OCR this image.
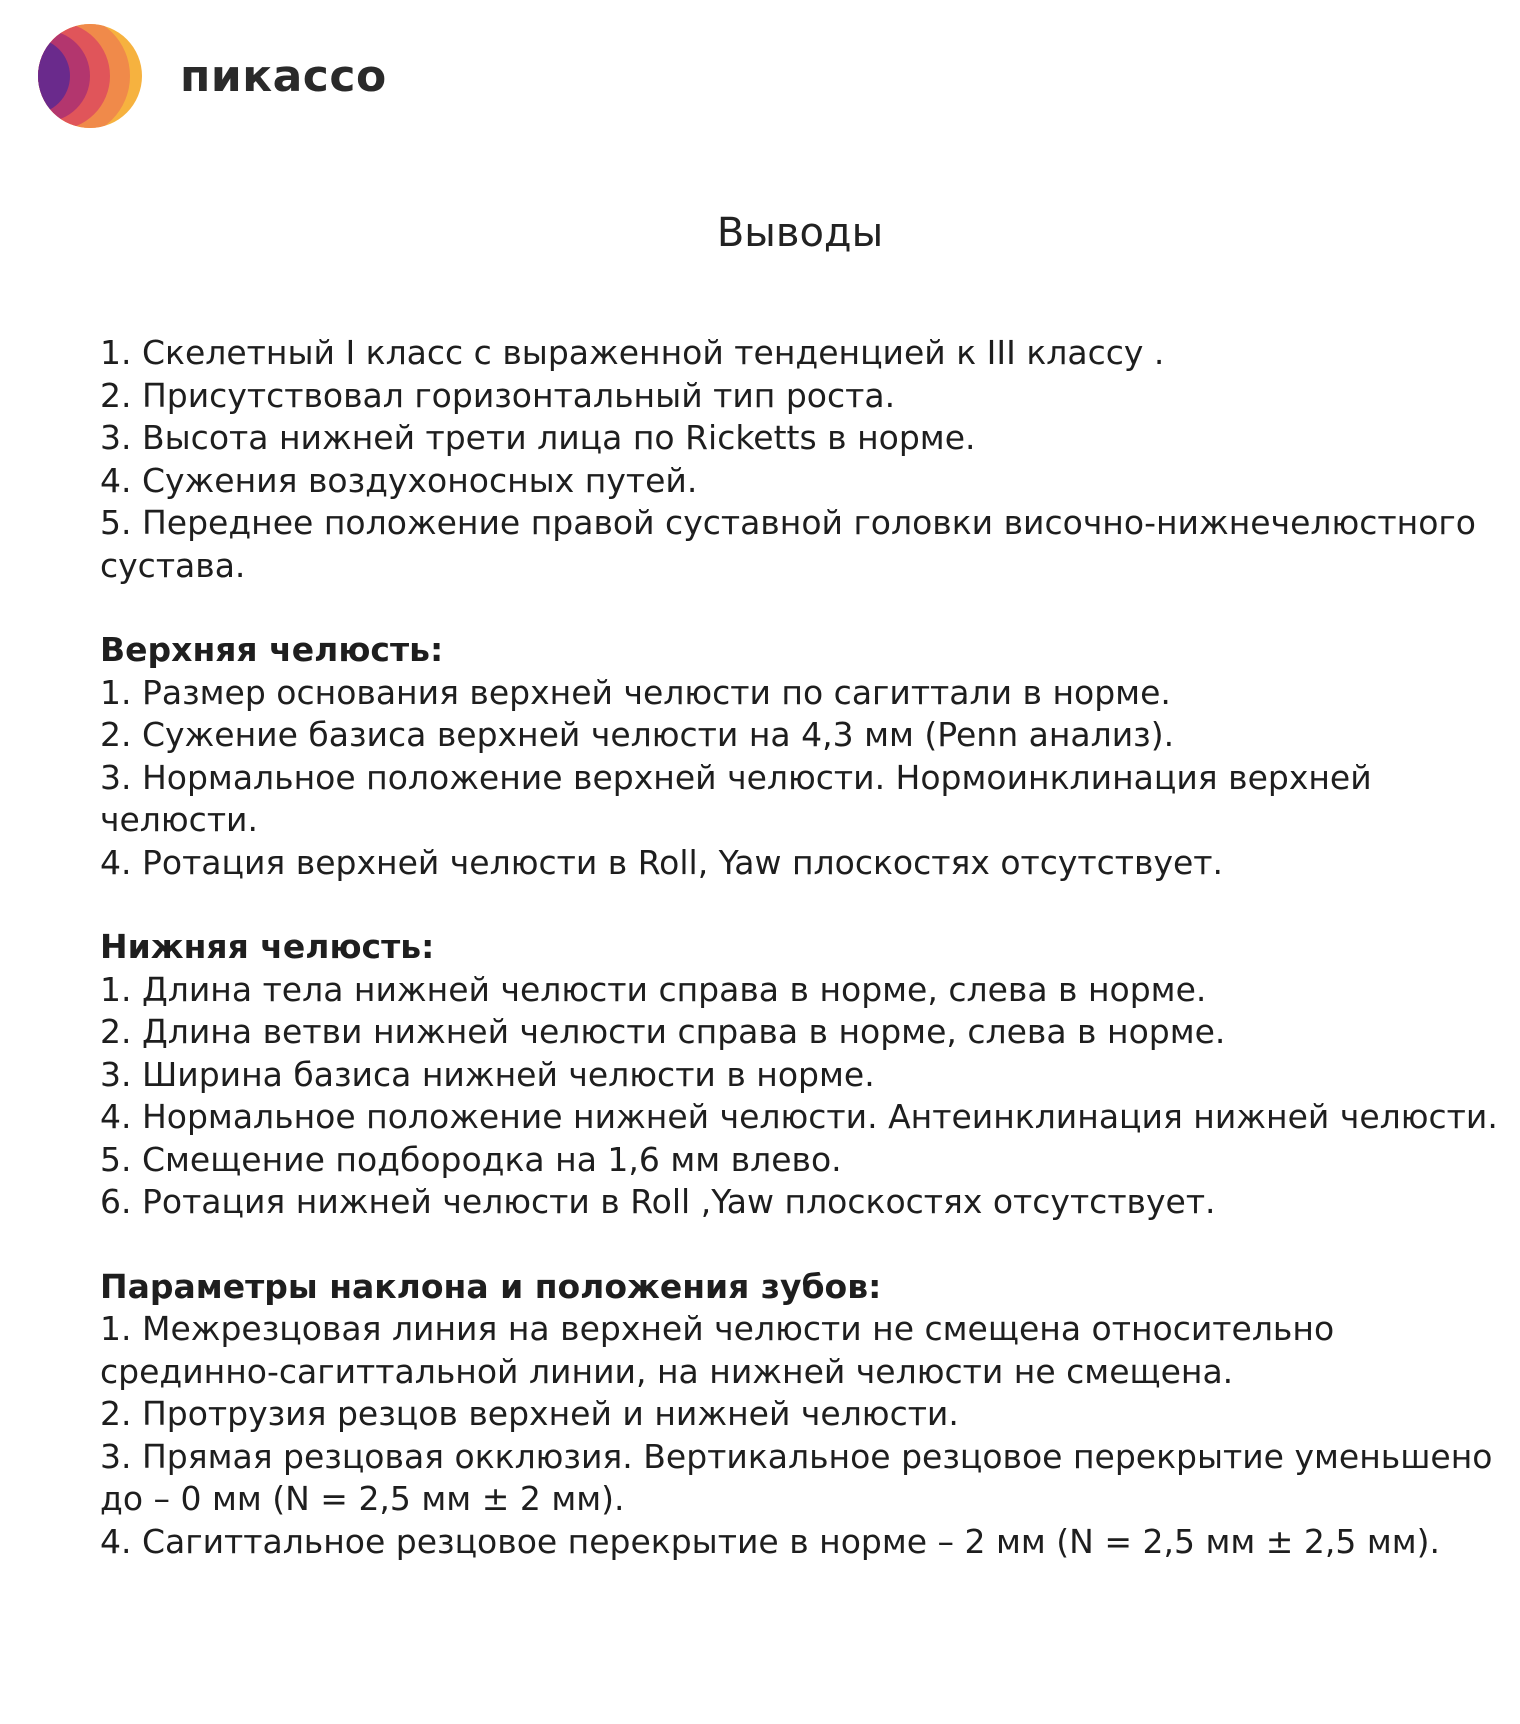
пикассо
Выводы
1. Скелетный I класс с выраженной тенденцией к III классу .
2. Присутствовал горизонтальный тип роста.
3. Высота нижней трети лица по Ricketts в норме.
4. Сужения воздухоносных путей.
5. Переднее положение правой суставной головки височно-нижнечелюстного сустава.
Верхняя челюсть:
1. Размер основания верхней челюсти по сагиттали в норме.
2. Сужение базиса верхней челюсти на 4,3 мм (Penn анализ).
3. Нормальное положение верхней челюсти. Нормоинклинация верхней челюсти.
4. Ротация верхней челюсти в Roll, Yaw плоскостях отсутствует.
Нижняя челюсть:
1. Длина тела нижней челюсти справа в норме, слева в норме.
2. Длина ветви нижней челюсти справа в норме, слева в норме.
3. Ширина базиса нижней челюсти в норме.
4. Нормальное положение нижней челюсти. Антеинклинация нижней челюсти.
5. Смещение подбородка на 1,6 мм влево.
6. Ротация нижней челюсти в Roll ,Yaw плоскостях отсутствует.
Параметры наклона и положения зубов:
1. Межрезцовая линия на верхней челюсти не смещена относительно срединно-сагиттальной линии, на нижней челюсти не смещена.
2. Протрузия резцов верхней и нижней челюсти.
3. Прямая резцовая окклюзия. Вертикальное резцовое перекрытие уменьшено до – 0 мм (N = 2,5 мм ± 2 мм).
4. Сагиттальное резцовое перекрытие в норме – 2 мм (N = 2,5 мм ± 2,5 мм).
